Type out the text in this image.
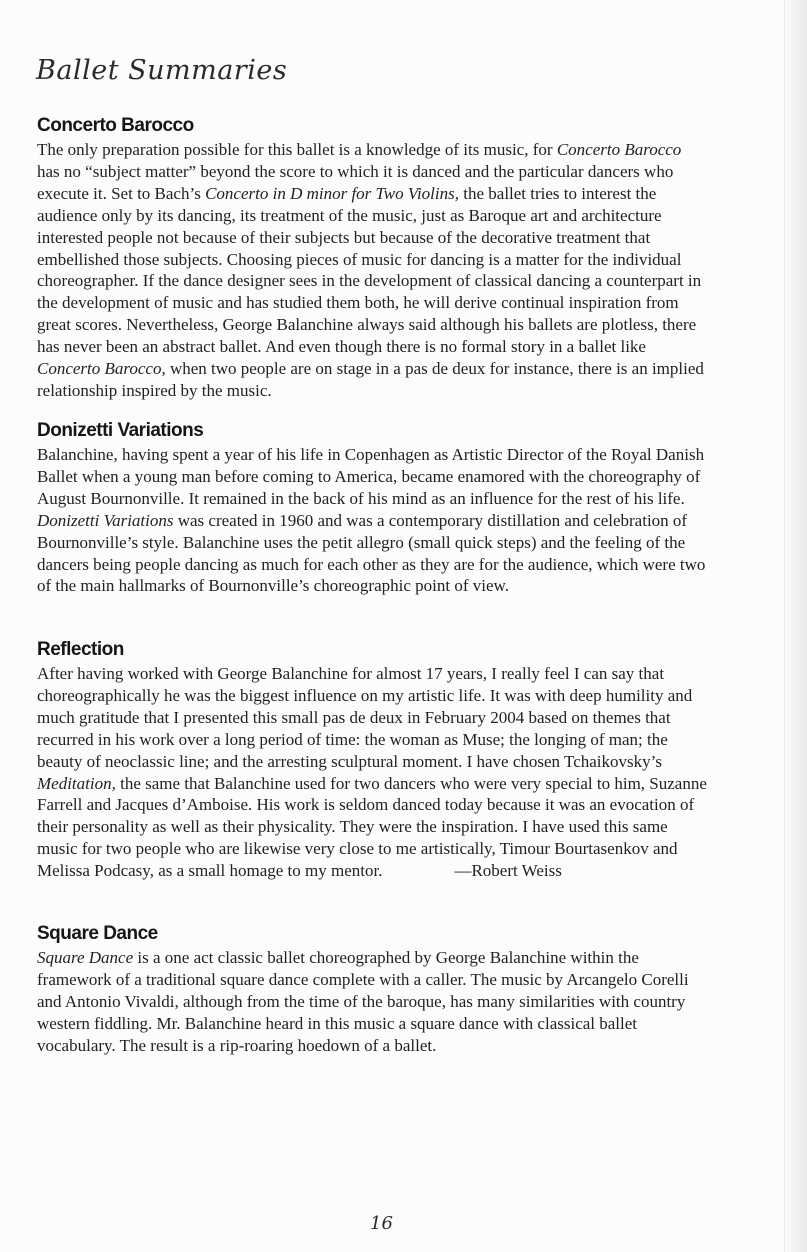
Ballet Summaries
Concerto Barocco

The only preparation possible for this ballet is a knowledge of its music, for Concerto Barocco has no “subject matter” beyond the score to which it is danced and the particular dancers who execute it. Set to Bach’s Concerto in D minor for Two Violins, the ballet tries to interest the audience only by its dancing, its treatment of the music, just as Baroque art and architecture interested people not because of their subjects but because of the decorative treatment that embellished those subjects. Choosing pieces of music for dancing is a matter for the individual choreographer. If the dance designer sees in the development of classical dancing a counterpart in the development of music and has studied them both, he will derive continual inspiration from great scores. Nevertheless, George Balanchine always said although his ballets are plotless, there has never been an abstract ballet. And even though there is no formal story in a ballet like Concerto Barocco, when two people are on stage in a pas de deux for instance, there is an implied relationship inspired by the music.

Donizetti Variations

Balanchine, having spent a year of his life in Copenhagen as Artistic Director of the Royal Danish Ballet when a young man before coming to America, became enamored with the choreography of August Bournonville. It remained in the back of his mind as an influence for the rest of his life. Donizetti Variations was created in 1960 and was a contemporary distillation and celebration of Bournonville’s style. Balanchine uses the petit allegro (small quick steps) and the feeling of the dancers being people dancing as much for each other as they are for the audience, which were two of the main hallmarks of Bournonville’s choreographic point of view.

Reflection

After having worked with George Balanchine for almost 17 years, I really feel I can say that choreographically he was the biggest influence on my artistic life. It was with deep humility and much gratitude that I presented this small pas de deux in February 2004 based on themes that recurred in his work over a long period of time: the woman as Muse; the longing of man; the beauty of neoclassic line; and the arresting sculptural moment. I have chosen Tchaikovsky’s Meditation, the same that Balanchine used for two dancers who were very special to him, Suzanne Farrell and Jacques d’Amboise. His work is seldom danced today because it was an evocation of their personality as well as their physicality. They were the inspiration. I have used this same music for two people who are likewise very close to me artistically, Timour Bourtasenkov and Melissa Podcasy, as a small homage to my mentor.	—Robert Weiss

Square Dance

Square Dance is a one act classic ballet choreographed by George Balanchine within the framework of a traditional square dance complete with a caller. The music by Arcangelo Corelli and Antonio Vivaldi, although from the time of the baroque, has many similarities with country western fiddling. Mr. Balanchine heard in this music a square dance with classical ballet vocabulary. The result is a rip-roaring hoedown of a ballet.

16
